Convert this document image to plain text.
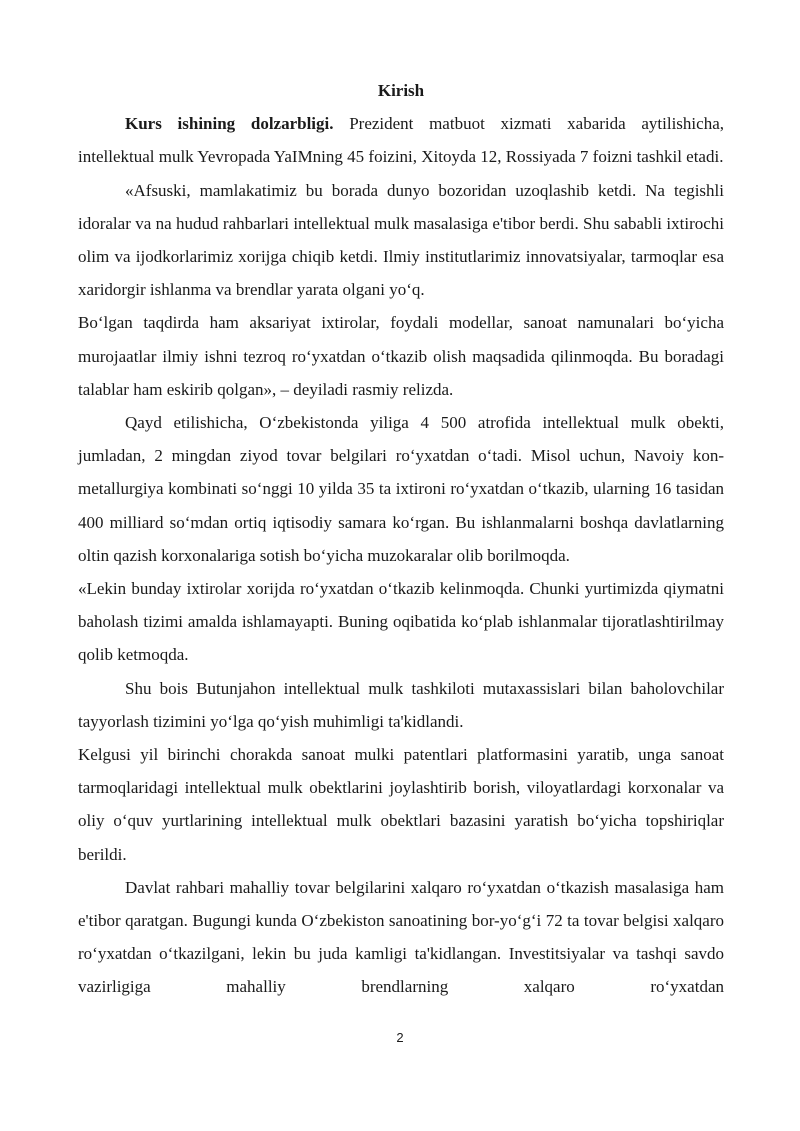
Kirish

Kurs ishining dolzarbligi. Prezident matbuot xizmati xabarida aytilishicha, intellektual mulk Yevropada YaIMning 45 foizini, Xitoyda 12, Rossiyada 7 foizni tashkil etadi.

«Afsuski, mamlakatimiz bu borada dunyo bozoridan uzoqlashib ketdi. Na tegishli idoralar va na hudud rahbarlari intellektual mulk masalasiga e'tibor berdi. Shu sababli ixtirochi olim va ijodkorlarimiz xorijga chiqib ketdi. Ilmiy institutlarimiz innovatsiyalar, tarmoqlar esa xaridorgir ishlanma va brendlar yarata olgani yo‘q.

Bo‘lgan taqdirda ham aksariyat ixtirolar, foydali modellar, sanoat namunalari bo‘yicha murojaatlar ilmiy ishni tezroq ro‘yxatdan o‘tkazib olish maqsadida qilinmoqda. Bu boradagi talablar ham eskirib qolgan», – deyiladi rasmiy relizda.

Qayd etilishicha, O‘zbekistonda yiliga 4 500 atrofida intellektual mulk obekti, jumladan, 2 mingdan ziyod tovar belgilari ro‘yxatdan o‘tadi. Misol uchun, Navoiy kon-metallurgiya kombinati so‘nggi 10 yilda 35 ta ixtironi ro‘yxatdan o‘tkazib, ularning 16 tasidan 400 milliard so‘mdan ortiq iqtisodiy samara ko‘rgan. Bu ishlanmalarni boshqa davlatlarning oltin qazish korxonalariga sotish bo‘yicha muzokaralar olib borilmoqda.

«Lekin bunday ixtirolar xorijda ro‘yxatdan o‘tkazib kelinmoqda. Chunki yurtimizda qiymatni baholash tizimi amalda ishlamayapti. Buning oqibatida ko‘plab ishlanmalar tijoratlashtirilmay qolib ketmoqda.

Shu bois Butunjahon intellektual mulk tashkiloti mutaxassislari bilan baholovchilar tayyorlash tizimini yo‘lga qo‘yish muhimligi ta'kidlandi.

Kelgusi yil birinchi chorakda sanoat mulki patentlari platformasini yaratib, unga sanoat tarmoqlaridagi intellektual mulk obektlarini joylashtirib borish, viloyatlardagi korxonalar va oliy o‘quv yurtlarining intellektual mulk obektlari bazasini yaratish bo‘yicha topshiriqlar berildi.

Davlat rahbari mahalliy tovar belgilarini xalqaro ro‘yxatdan o‘tkazish masalasiga ham e'tibor qaratgan. Bugungi kunda O‘zbekiston sanoatining bor-yo‘g‘i 72 ta tovar belgisi xalqaro ro‘yxatdan o‘tkazilgani, lekin bu juda kamligi ta'kidlangan. Investitsiyalar va tashqi savdo vazirligiga mahalliy brendlarning xalqaro ro‘yxatdan

2
